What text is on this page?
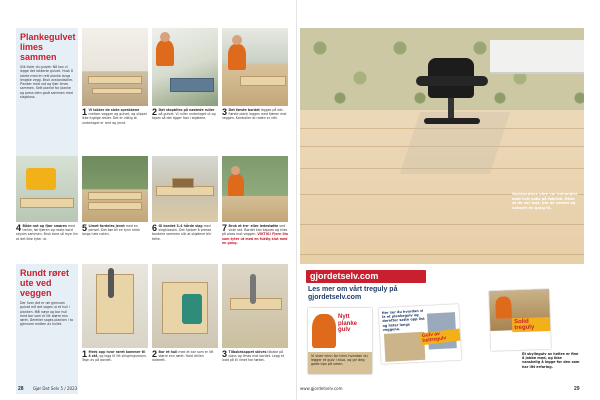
Plankegulvet limes sammen
Slik lister du gulvet: Nå kan vi legge det lakkerte gulvet. Husk å starte med en rett planke langs lengste vegg. Bruk avstandskiler. Planker med not og fjær limes sammen. Sett planke for planke og press dem godt sammen med slagkloss.
1 Vi lakker de siste sprekkene mellom veggen og gulvet, og slipper ikke fugtige rester. Det er viktig at underlaget er rent og jevnt.
2 Det stopbitra på nøstede ruller på gulvet. Vi ruller underlaget ut og tapes så det ligger fast i skjøtene.
3 Det første bordet legges på det. Første plank legges med fjæren mot veggen. Kontroller at raden er rett.
4 Både not og fjær smøres med trelim, før fjæren og neste bord skyves sammen. Bruk bare så mye lim at det ikke tyter ut.
5 Limet fordeles jevnt med en pensel. Det bør bli en tynn strek langs hele noten.
6 Gi bordet 3–4 hårde slag med slagklossen. Det hjelper å presse bordene sammen slik at skjøtene blir tette.
7 Bruk et tre- eller ledestøtte ved siste rad. Bordet kan kappes og kiles på plass mot veggen. VIKTIG! Fjern lim som tyter ut med en fuktig klut med en gang.
Rundt røret ute ved veggen
Der hvor det er rør gjennom gulvet må det sages ut et hull i planken. Mål nøye og bor hull med bor som er litt større enn røret. Deretter sages planken i to gjennom midten av hullet.
1 Merk opp hvor røret kommer til å stå, og legg til litt slingringsmonn. Tegn av på bordet.
2 Bor et hull med et bor som er litt større enn røret. Hold drillen loddrett.
3 Tilbakekappet skives tilbake på plass og limes mot bordet. Legg et lodd på til limet har tørket.
28 Gjør Det Selv 5 / 2023
Gulvbordene våre var behandlet med hvit voks på fabrikk. Etter at de var lagt, ble de vasket og voksert en gang til.
gjordetselv.com
Les mer om vårt treguly på gjordetselv.com
Nytt planke gulv
Vi viser trinn for trinn hvordan du legger et gulv i stua, og gir deg gode tips på veien.
Her ser du hvordan vi la et plankegulv og deretter satte opp list og lister langs veggene.
Gulv av heltregulv
Solid treguly
Et skyllegulv av heltre er fine å jobbe med, og ikke vanskelig å legge for den som har litt erfaring.
www.gjordetselv.com	29
